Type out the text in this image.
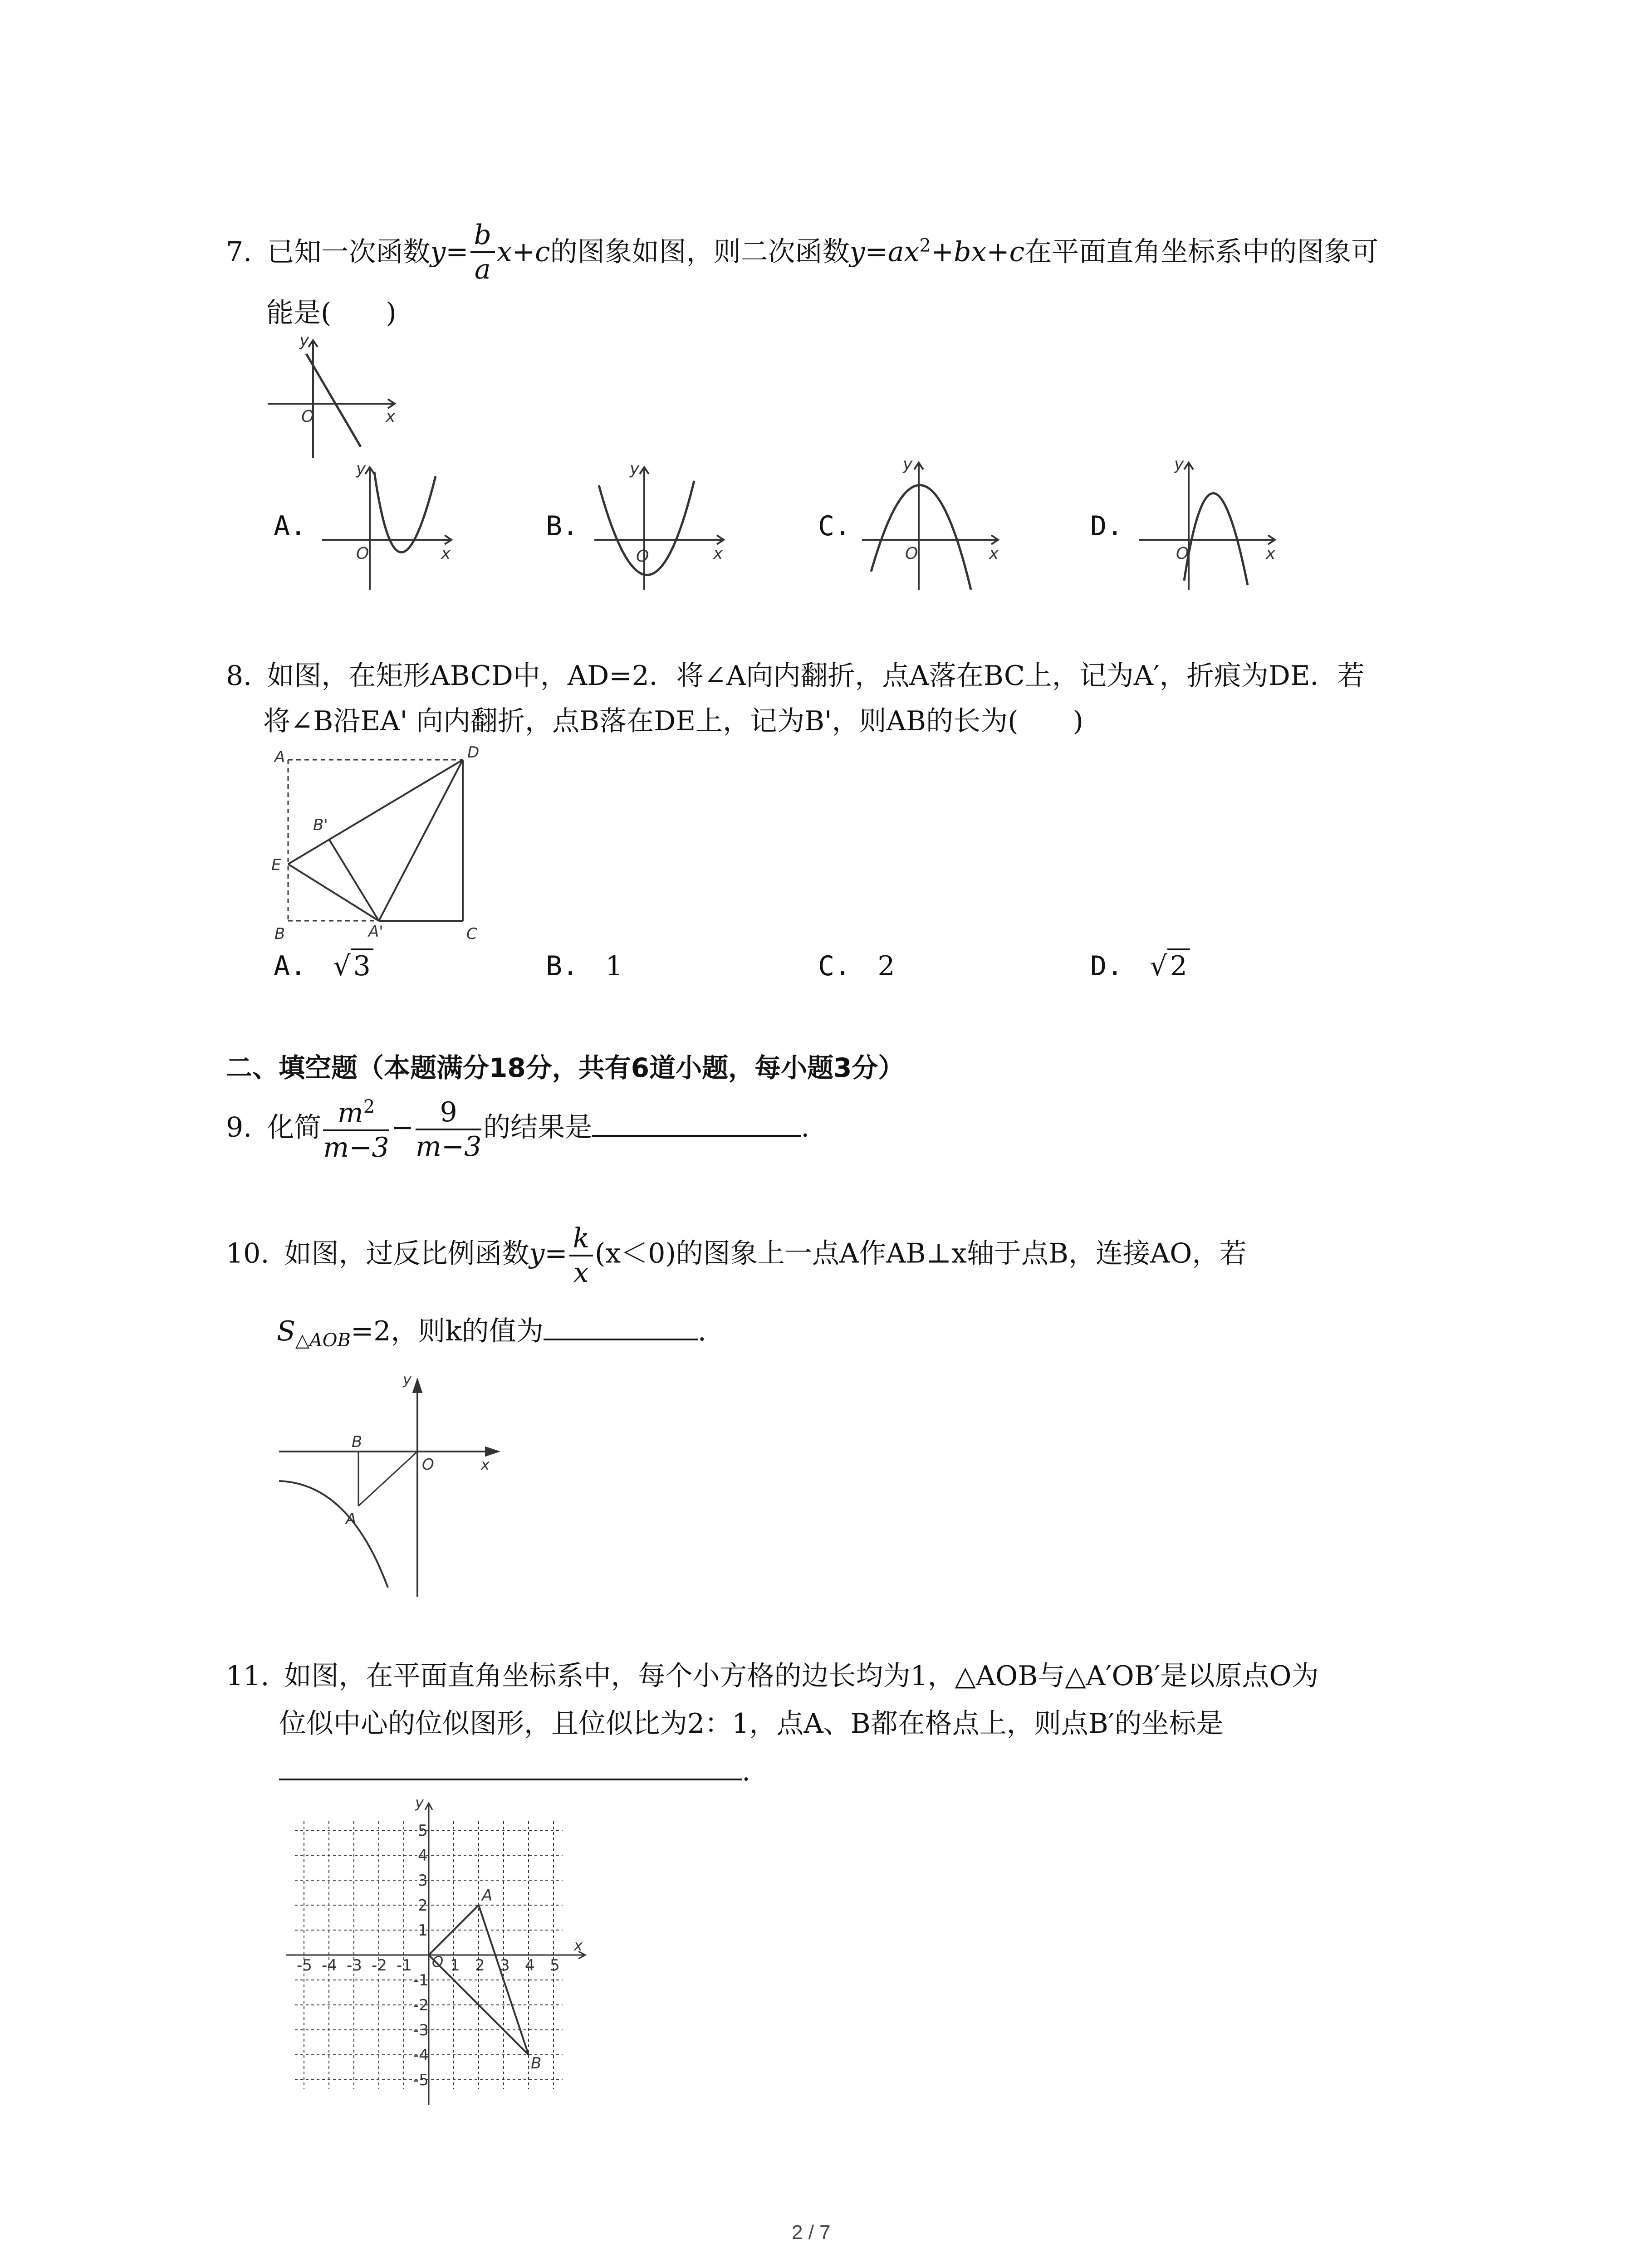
7. 已知一次函数$y= \frac{b}{a} x+c$的图象如图，则二次函数$y=ax^2+bx+c$在平面直角坐标系中的图象可
能是(　　)
y
x
O
A.
y
x
O
B.
y
x
O
C.
y
x
O
D.
y
x
O
8. 如图，在矩形ABCD中，AD=2．将∠A向内翻折，点A落在BC上，记为A′，折痕为DE．若
将∠B沿EA' 向内翻折，点B落在DE上，记为B'，则AB的长为(　　)
A	D
B'
E
B	A'	C
A. √ 3	B. 1	C. 2	D. √ 2
二、填空题（本题满分18分，共有6道小题，每小题3分）
9. 化简 $\frac{m^2}{m-3} - \frac{9}{m-3}$ 的结果是	.
10. 如图，过反比例函数$y= \frac{k}{x} (x<0)$的图象上一点A作AB⊥x轴于点B，连接AO，若
$S_{\triangle AOB}=2$，则k的值为	.
y
x
B
O
A
11. 如图，在平面直角坐标系中，每个小方格的边长均为1，△AOB与△A′OB′是以原点O为
位似中心的位似图形，且位似比为2：1，点A、B都在格点上，则点B′的坐标是
.
-5 -4 -3 -2 -1 1 2 3 4 5
5
4
3
2
1
-1
-2
-3
-4
-5
y
x
O
A
B
2 / 7
